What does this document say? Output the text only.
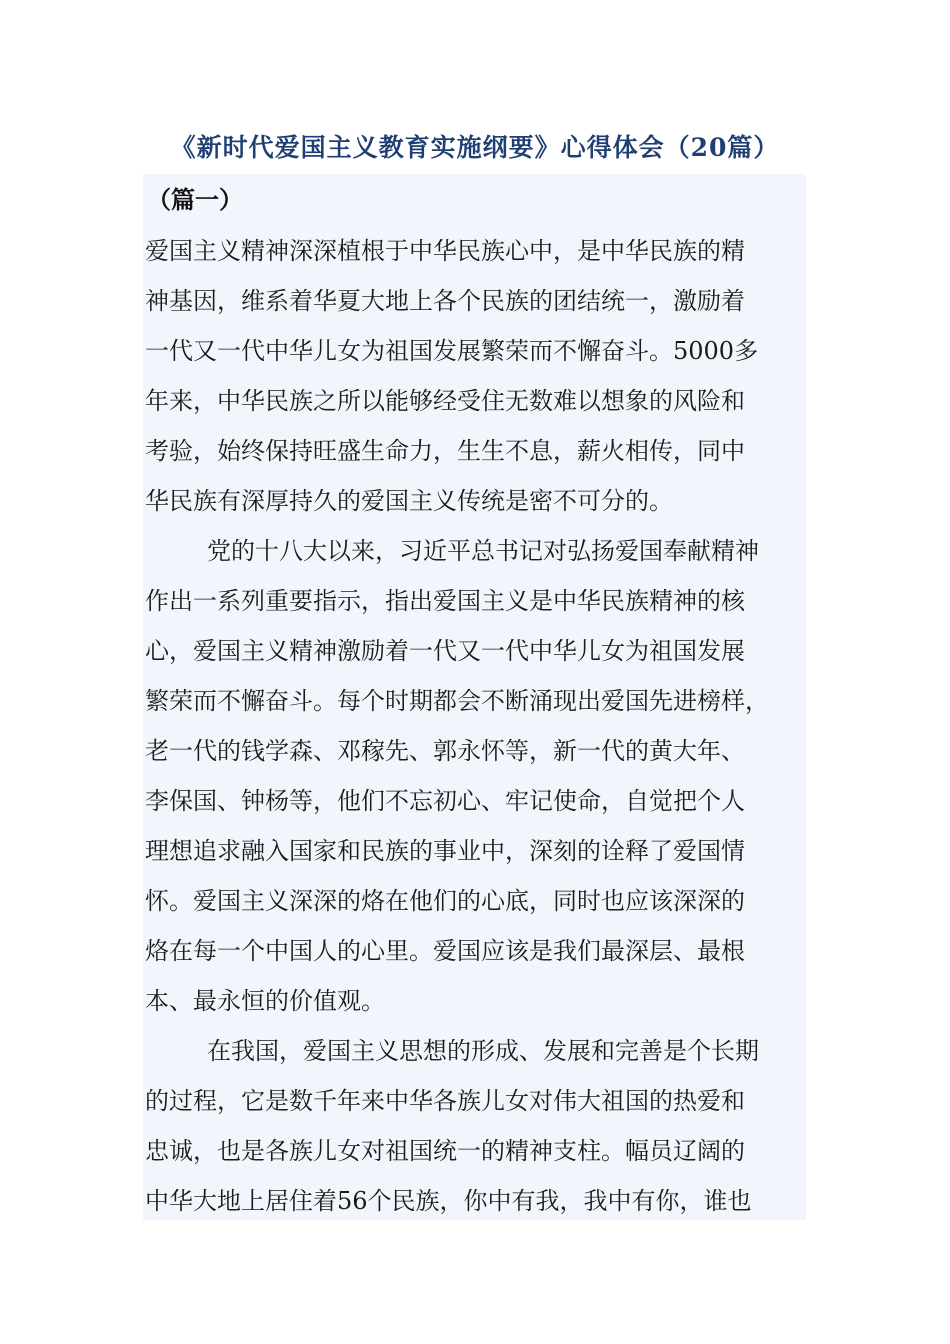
《新时代爱国主义教育实施纲要》心得体会（20篇）
（篇一）
爱国主义精神深深植根于中华民族心中，是中华民族的精
神基因，维系着华夏大地上各个民族的团结统一，激励着
一代又一代中华儿女为祖国发展繁荣而不懈奋斗。5000多
年来，中华民族之所以能够经受住无数难以想象的风险和
考验，始终保持旺盛生命力，生生不息，薪火相传，同中
华民族有深厚持久的爱国主义传统是密不可分的。
党的十八大以来，习近平总书记对弘扬爱国奉献精神
作出一系列重要指示，指出爱国主义是中华民族精神的核
心，爱国主义精神激励着一代又一代中华儿女为祖国发展
繁荣而不懈奋斗。每个时期都会不断涌现出爱国先进榜样，
老一代的钱学森、邓稼先、郭永怀等，新一代的黄大年、
李保国、钟杨等，他们不忘初心、牢记使命，自觉把个人
理想追求融入国家和民族的事业中，深刻的诠释了爱国情
怀。爱国主义深深的烙在他们的心底，同时也应该深深的
烙在每一个中国人的心里。爱国应该是我们最深层、最根
本、最永恒的价值观。
在我国，爱国主义思想的形成、发展和完善是个长期
的过程，它是数千年来中华各族儿女对伟大祖国的热爱和
忠诚，也是各族儿女对祖国统一的精神支柱。幅员辽阔的
中华大地上居住着56个民族，你中有我，我中有你，谁也
